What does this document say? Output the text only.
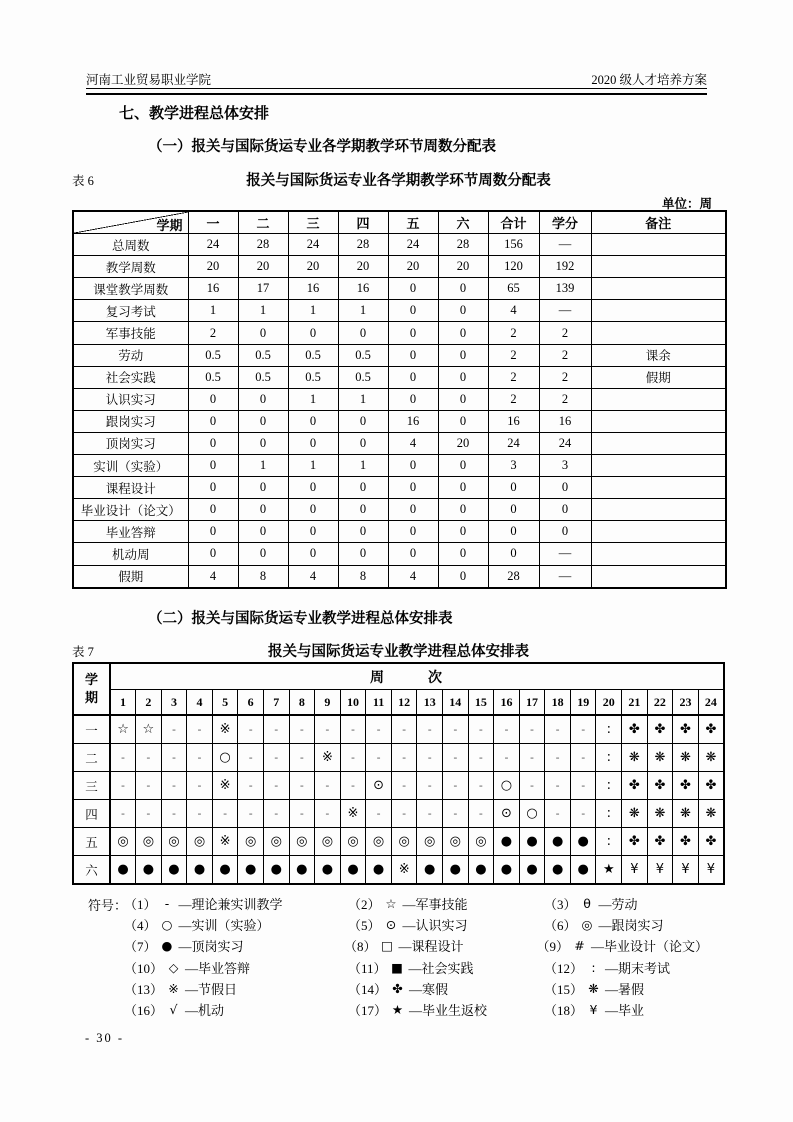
河南工业贸易职业学院	2020 级人才培养方案
七、教学进程总体安排
（一）报关与国际货运专业各学期教学环节周数分配表
表 6	报关与国际货运专业各学期教学环节周数分配表
单位：周
学期	一	二	三	四	五	六	合计	学分	备注
总周数	24	28	24	28	24	28	156	—	
教学周数	20	20	20	20	20	20	120	192	
课堂教学周数	16	17	16	16	0	0	65	139	
复习考试	1	1	1	1	0	0	4	—	
军事技能	2	0	0	0	0	0	2	2	
劳动	0.5	0.5	0.5	0.5	0	0	2	2	课余
社会实践	0.5	0.5	0.5	0.5	0	0	2	2	假期
认识实习	0	0	1	1	0	0	2	2	
跟岗实习	0	0	0	0	16	0	16	16	
顶岗实习	0	0	0	0	4	20	24	24	
实训（实验）	0	1	1	1	0	0	3	3	
课程设计	0	0	0	0	0	0	0	0	
毕业设计（论文）	0	0	0	0	0	0	0	0	
毕业答辩	0	0	0	0	0	0	0	0	
机动周	0	0	0	0	0	0	0	—	
假期	4	8	4	8	4	0	28	—	
（二）报关与国际货运专业教学进程总体安排表
表 7	报关与国际货运专业教学进程总体安排表
学期	周次																							
	1	2	3	4	5	6	7	8	9	10	11	12	13	14	15	16	17	18	19	20	21	22	23	24
一	☆	☆	-	-	※	-	-	-	-	-	-	-	-	-	-	-	-	-	-	:	✤	✤	✤	✤
二	-	-	-	-	○	-	-	-	※	-	-	-	-	-	-	-	-	-	-	:	❋	❋	❋	❋
三	-	-	-	-	※	-	-	-	-	-	⊙	-	-	-	-	○	-	-	-	:	✤	✤	✤	✤
四	-	-	-	-	-	-	-	-	-	※	-	-	-	-	-	⊙	○	-	-	:	❋	❋	❋	❋
五	◎	◎	◎	◎	※	◎	◎	◎	◎	◎	◎	◎	◎	◎	◎	●	●	●	●	:	✤	✤	✤	✤
六	●	●	●	●	●	●	●	●	●	●	●	※	●	●	●	●	●	●	●	★	¥	¥	¥	¥
符号：
（1） - —理论兼实训教学	（2） ☆ —军事技能	（3） θ —劳动
（4） ○ —实训（实验）	（5） ⊙ —认识实习	（6） ◎ —跟岗实习
（7） ● —顶岗实习	（8） □ —课程设计	（9） # —毕业设计（论文）
（10） ◇ —毕业答辩	（11） ■ —社会实践	（12） : —期末考试
（13） ※ —节假日	（14） ✤ —寒假	（15） ❋ —暑假
（16） √ —机动	（17） ★ —毕业生返校	（18） ¥ —毕业
- 30 -
